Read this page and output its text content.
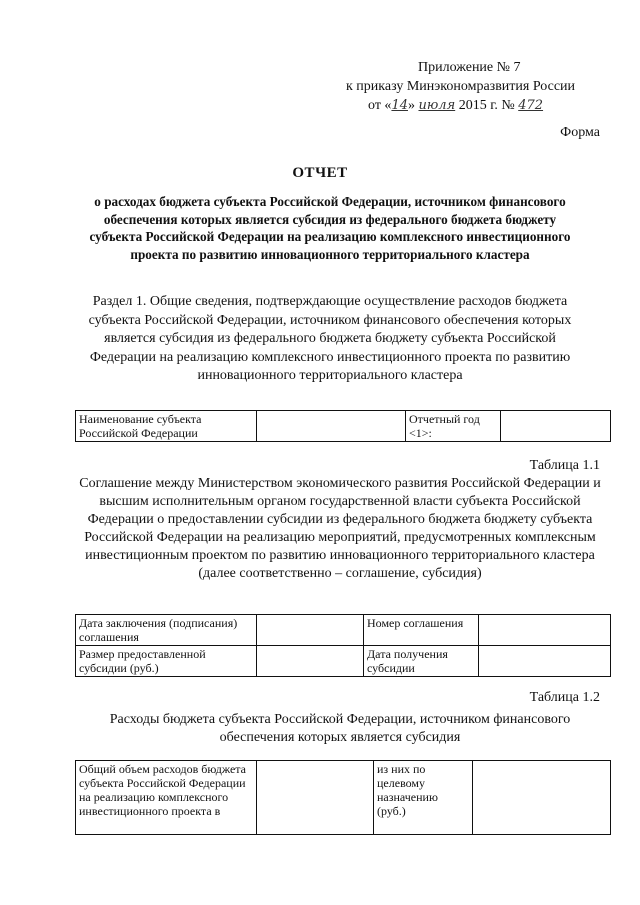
Приложение № 7
к приказу Минэкономразвития России
от «14» июля 2015 г. № 472
Форма
ОТЧЕТ
о расходах бюджета субъекта Российской Федерации, источником финансового обеспечения которых является субсидия из федерального бюджета бюджету субъекта Российской Федерации на реализацию комплексного инвестиционного проекта по развитию инновационного территориального кластера
Раздел 1. Общие сведения, подтверждающие осуществление расходов бюджета субъекта Российской Федерации, источником финансового обеспечения которых является субсидия из федерального бюджета бюджету субъекта Российской Федерации на реализацию комплексного инвестиционного проекта по развитию инновационного территориального кластера
Наименование субъекта Российской Федерации		Отчетный год <1>:	
Таблица 1.1
Соглашение между Министерством экономического развития Российской Федерации и высшим исполнительным органом государственной власти субъекта Российской Федерации о предоставлении субсидии из федерального бюджета бюджету субъекта Российской Федерации на реализацию мероприятий, предусмотренных комплексным инвестиционным проектом по развитию инновационного территориального кластера (далее соответственно – соглашение, субсидия)
Дата заключения (подписания) соглашения		Номер соглашения	
Размер предоставленной субсидии (руб.)		Дата получения субсидии	
Таблица 1.2
Расходы бюджета субъекта Российской Федерации, источником финансового обеспечения которых является субсидия
Общий объем расходов бюджета субъекта Российской Федерации на реализацию комплексного инвестиционного проекта в		из них по целевому назначению (руб.)	
